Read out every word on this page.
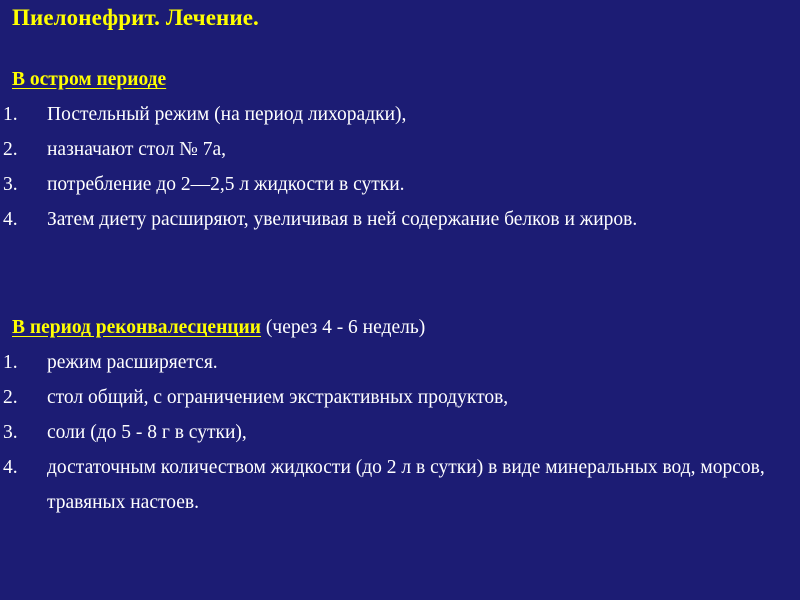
Пиелонефрит. Лечение.
В остром периоде
1. Постельный режим (на период лихорадки),
2. назначают стол № 7а,
3. потребление до 2—2,5 л жидкости в сутки.
4. Затем диету расширяют, увеличивая в ней содержание белков и жиров.
В период реконвалесценции (через 4 - 6 недель)
1. режим расширяется.
2. стол общий, с ограничением экстрактивных продуктов,
3. соли (до 5 - 8 г в сутки),
4. достаточным количеством жидкости (до 2 л в сутки) в виде минеральных вод, морсов, травяных настоев.
